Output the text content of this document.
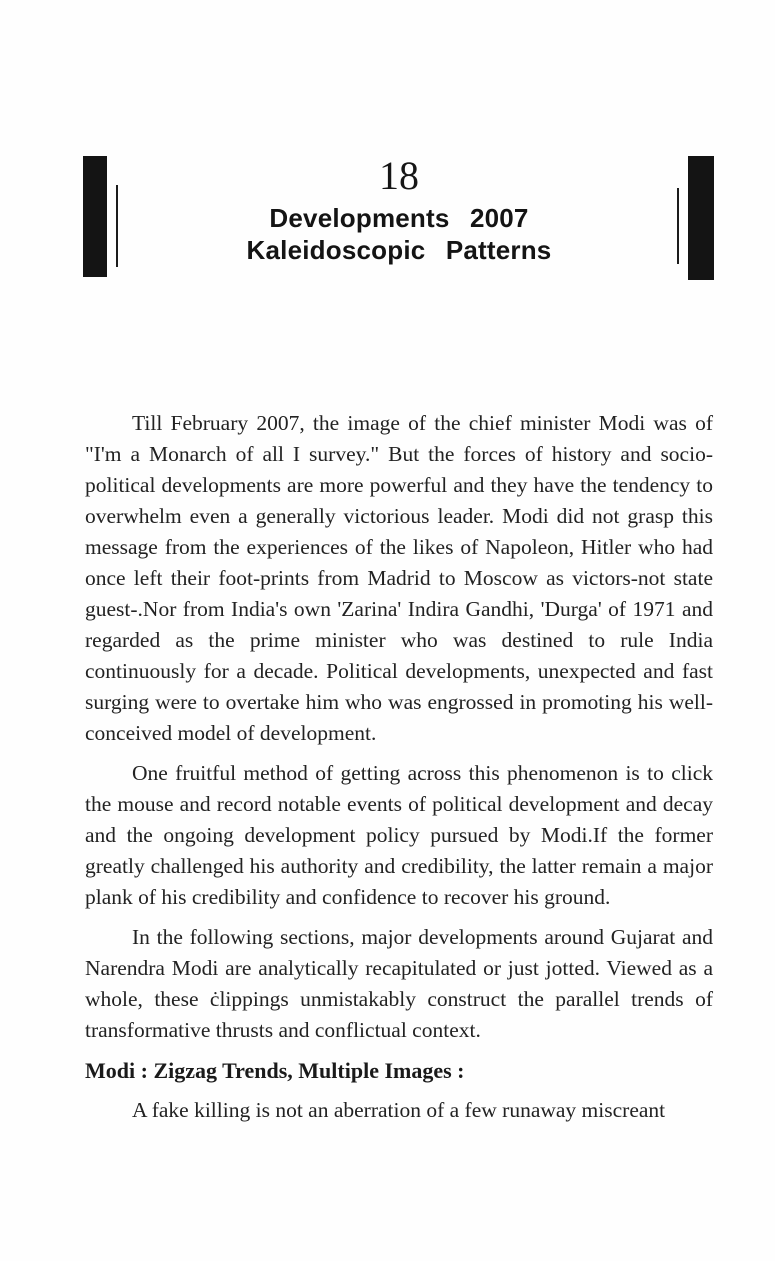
18
Developments 2007
Kaleidoscopic Patterns

Till February 2007, the image of the chief minister Modi was of "I'm a Monarch of all I survey." But the forces of history and socio-political developments are more powerful and they have the tendency to overwhelm even a generally victorious leader. Modi did not grasp this message from the experiences of the likes of Napoleon, Hitler who had once left their foot-prints from Madrid to Moscow as victors-not state guest-.Nor from India's own 'Zarina' Indira Gandhi, 'Durga' of 1971 and regarded as the prime minister who was destined to rule India continuously for a decade. Political developments, unexpected and fast surging were to overtake him who was engrossed in promoting his well-conceived model of development.

One fruitful method of getting across this phenomenon is to click the mouse and record notable events of political development and decay and the ongoing development policy pursued by Modi.If the former greatly challenged his authority and credibility, the latter remain a major plank of his credibility and confidence to recover his ground.

In the following sections, major developments around Gujarat and Narendra Modi are analytically recapitulated or just jotted. Viewed as a whole, these ċlippings unmistakably construct the parallel trends of transformative thrusts and conflictual context.

Modi : Zigzag Trends, Multiple Images :

A fake killing is not an aberration of a few runaway miscreant
